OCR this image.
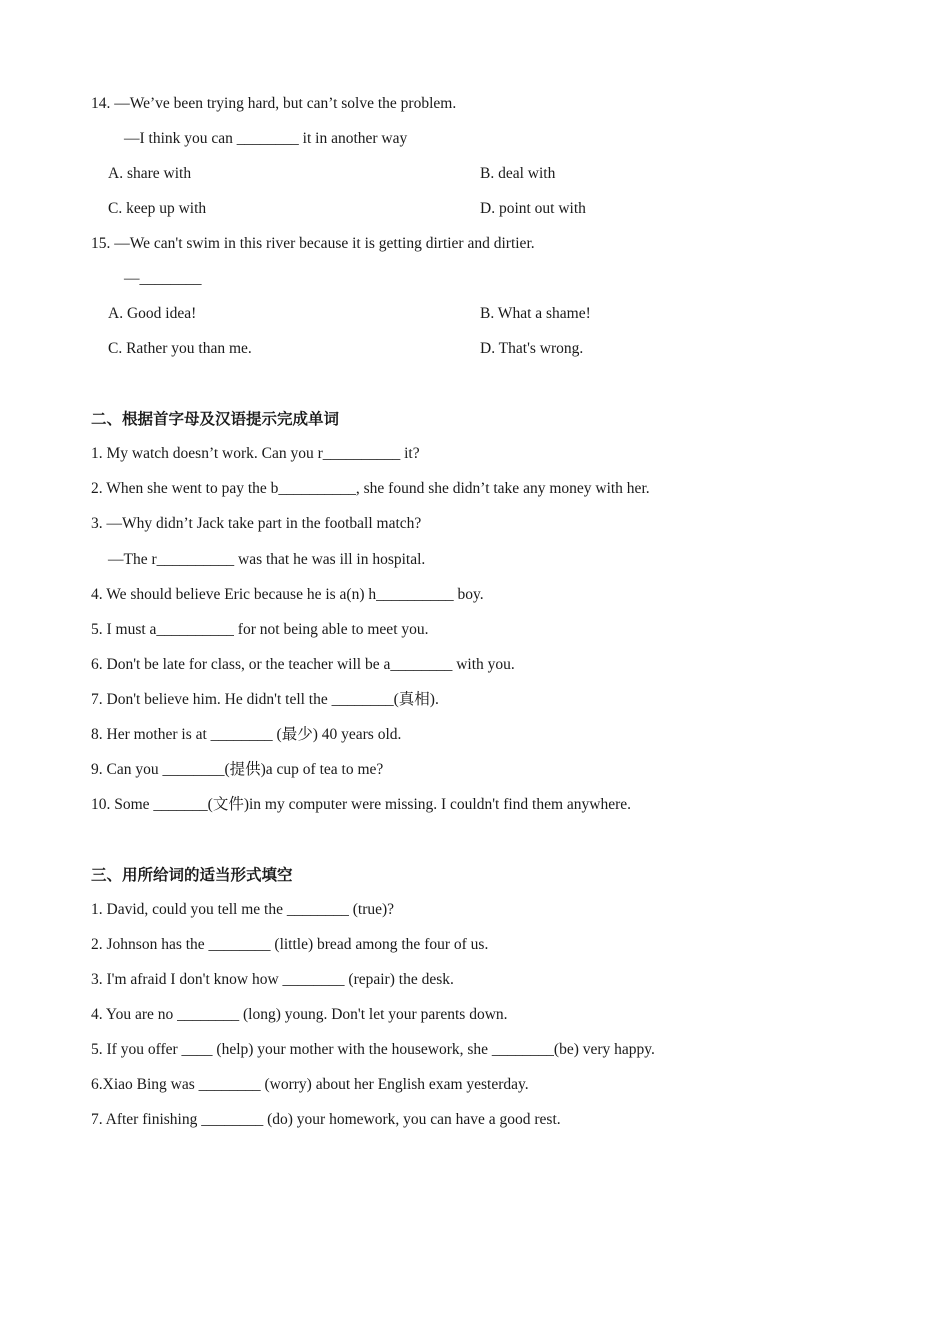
14. —We’ve been trying hard, but can’t solve the problem.
—I think you can ________ it in another way
A. share with	B. deal with
C. keep up with	D. point out with
15. —We can't swim in this river because it is getting dirtier and dirtier.
—________
A. Good idea!	B. What a shame!
C. Rather you than me.	D. That's wrong.
二、根据首字母及汉语提示完成单词
1. My watch doesn’t work. Can you r__________ it?
2. When she went to pay the b__________, she found she didn’t take any money with her.
3. —Why didn’t Jack take part in the football match?
—The r__________ was that he was ill in hospital.
4. We should believe Eric because he is a(n) h__________ boy.
5. I must a__________ for not being able to meet you.
6. Don't be late for class, or the teacher will be a________ with you.
7. Don't believe him. He didn't tell the ________(真相).
8. Her mother is at ________ (最少) 40 years old.
9. Can you ________(提供)a cup of tea to me?
10. Some _______(文件)in my computer were missing. I couldn't find them anywhere.
三、用所给词的适当形式填空
1. David, could you tell me the ________ (true)?
2. Johnson has the ________ (little) bread among the four of us.
3. I'm afraid I don't know how ________ (repair) the desk.
4. You are no ________ (long) young. Don't let your parents down.
5. If you offer ____ (help) your mother with the housework, she ________(be) very happy.
6.Xiao Bing was ________ (worry) about her English exam yesterday.
7. After finishing ________ (do) your homework, you can have a good rest.
